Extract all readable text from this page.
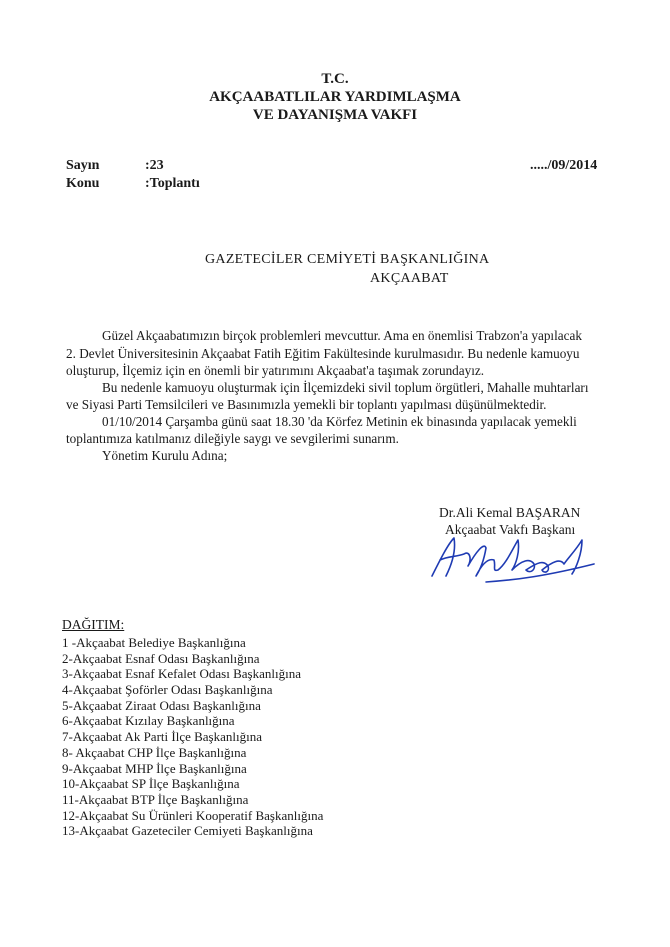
T.C.
AKÇAABATLILAR YARDIMLAŞMA
VE DAYANIŞMA VAKFI
Sayın	:23
Konu	:Toplantı
...../09/2014
GAZETECİLER CEMİYETİ BAŞKANLIĞINA
AKÇAABAT
Güzel Akçaabatımızın birçok problemleri mevcuttur. Ama en önemlisi Trabzon'a yapılacak
2. Devlet Üniversitesinin Akçaabat Fatih Eğitim Fakültesinde kurulmasıdır. Bu nedenle kamuoyu
oluşturup, İlçemiz için en önemli bir yatırımını Akçaabat'a taşımak zorundayız.
Bu nedenle kamuoyu oluşturmak için İlçemizdeki sivil toplum örgütleri, Mahalle muhtarları
ve Siyasi Parti Temsilcileri ve Basınımızla yemekli bir toplantı yapılması düşünülmektedir.
01/10/2014 Çarşamba günü saat 18.30 'da Körfez Metinin ek binasında yapılacak yemekli
toplantımıza katılmanız dileğiyle saygı ve sevgilerimi sunarım.
Yönetim Kurulu Adına;
Dr.Ali Kemal BAŞARAN
Akçaabat Vakfı Başkanı
DAĞITIM:
1 -Akçaabat Belediye Başkanlığına
2-Akçaabat Esnaf Odası Başkanlığına
3-Akçaabat Esnaf Kefalet Odası Başkanlığına
4-Akçaabat Şoförler Odası Başkanlığına
5-Akçaabat Ziraat Odası Başkanlığına
6-Akçaabat Kızılay Başkanlığına
7-Akçaabat Ak Parti İlçe Başkanlığına
8- Akçaabat CHP İlçe Başkanlığına
9-Akçaabat MHP İlçe Başkanlığına
10-Akçaabat SP İlçe Başkanlığına
11-Akçaabat BTP İlçe Başkanlığına
12-Akçaabat Su Ürünleri Kooperatif Başkanlığına
13-Akçaabat Gazeteciler Cemiyeti Başkanlığına
